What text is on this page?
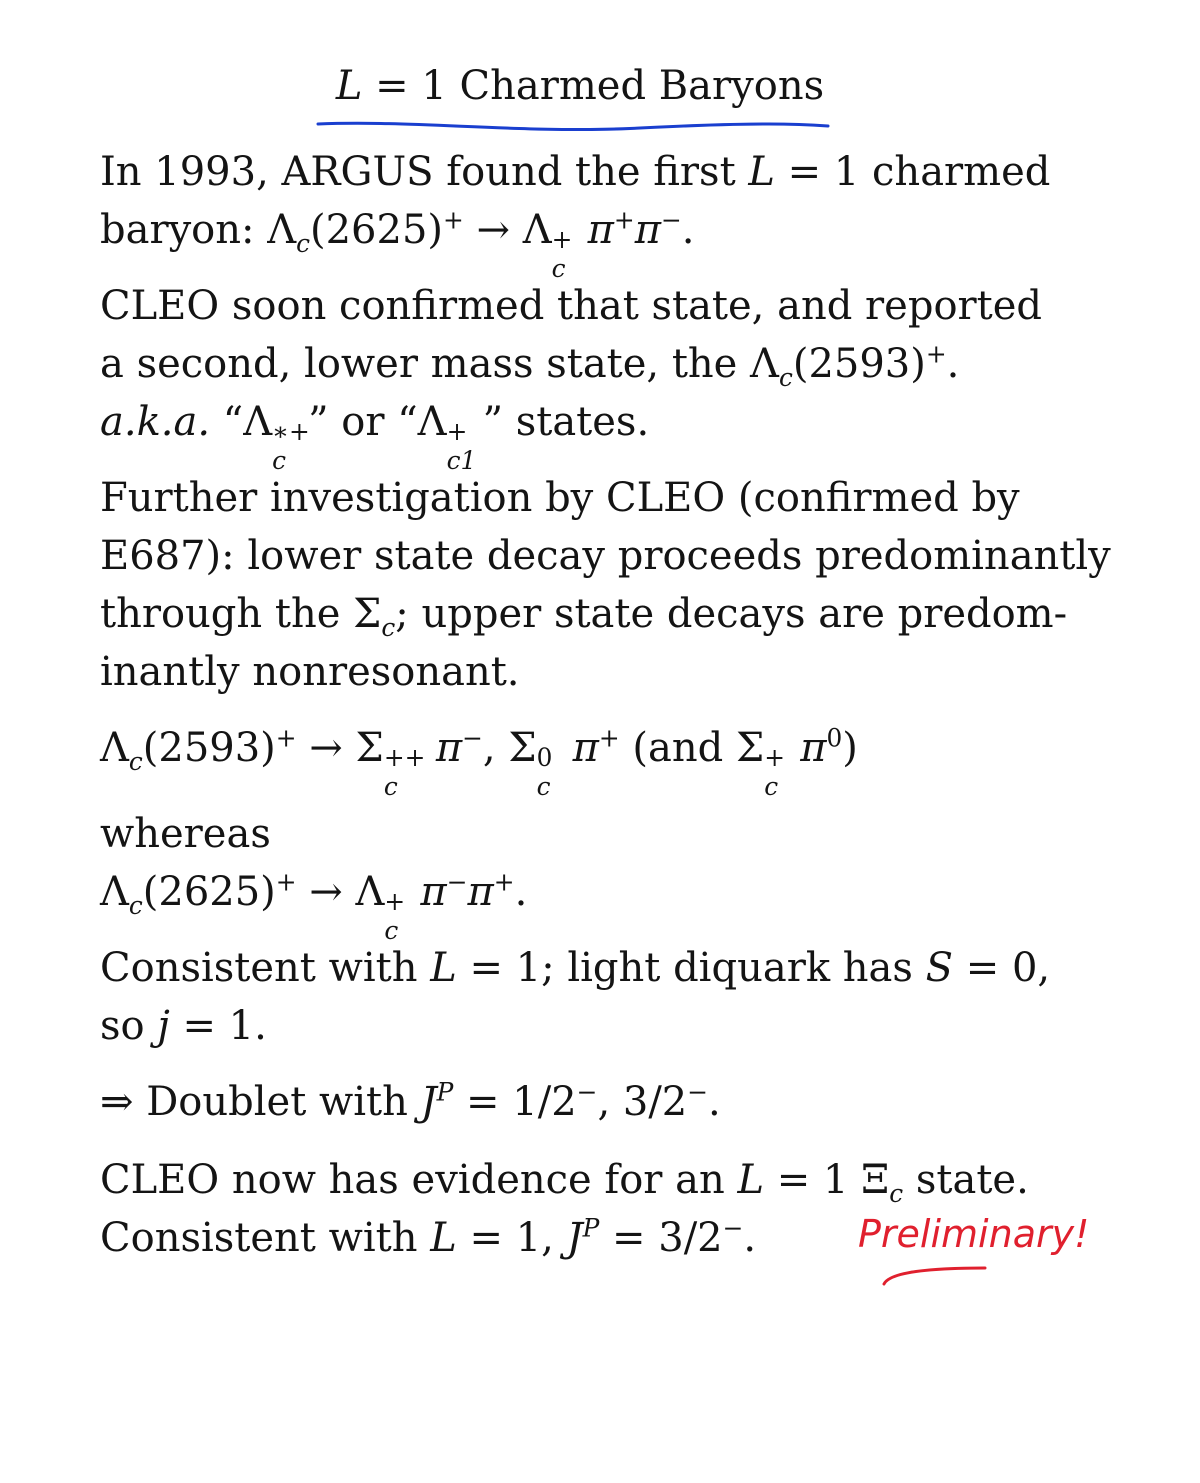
L = 1 Charmed Baryons
In 1993, ARGUS found the first L = 1 charmed
baryon: $\Lambda_c(2625)^+ \to \Lambda$ +
c
π+π−.
CLEO soon confirmed that state, and reported
a second, lower mass state, the $\Lambda_c(2593)^+$.
a.k.a. “Λ ∗+
c
” or “Λ +
c1
” states.
Further investigation by CLEO (confirmed by
E687): lower state decay proceeds predominantly
through the $\Sigma_c$; upper state decays are predom-
inantly nonresonant.
$\Lambda_c(2593)^+ \to \Sigma$ ++
c
π−, Σ 0
c
π+ (and Σ +
c
$\pi^0$)
whereas
$\Lambda_c(2625)^+ \to \Lambda$ +
c
π−π+.
Consistent with L = 1; light diquark has S = 0,
so j = 1.
⇒ Doublet with $J^P = 1/2^-$, 3/2−.
CLEO now has evidence for an L = 1 $\Xi_c$ state.
Consistent with L = 1, $J^P = 3/2^-$.	Preliminary!
